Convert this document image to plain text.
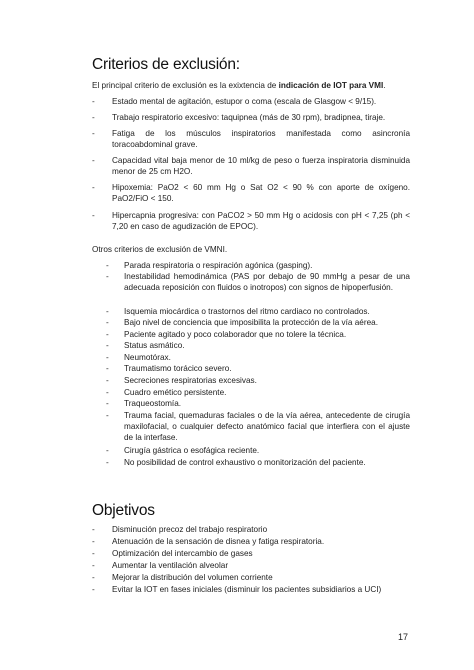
Criterios de exclusión:
El principal criterio de exclusión es la exixtencia de indicación de IOT para VMI.
- Estado mental de agitación, estupor o coma (escala de Glasgow < 9/15).
- Trabajo respiratorio excesivo: taquipnea (más de 30 rpm), bradipnea, tiraje.
- Fatiga de los músculos inspiratorios manifestada como asincronía toracoabdominal grave.
- Capacidad vital baja menor de 10 ml/kg de peso o fuerza inspiratoria disminuida menor de 25 cm H2O.
- Hipoxemia: PaO2 < 60 mm Hg o Sat O2 < 90 % con aporte de oxígeno. PaO2/FiO < 150.
- Hipercapnia progresiva: con PaCO2 > 50 mm Hg o acidosis con pH < 7,25 (ph < 7,20 en caso de agudización de EPOC).
Otros criterios de exclusión de VMNI.
- Parada respiratoria o respiración agónica (gasping).
- Inestabilidad hemodinámica (PAS por debajo de 90 mmHg a pesar de una adecuada reposición con fluidos o inotropos) con signos de hipoperfusión.
- Isquemia miocárdica o trastornos del ritmo cardiaco no controlados.
- Bajo nivel de conciencia que imposibilita la protección de la vía aérea.
- Paciente agitado y poco colaborador que no tolere la técnica.
- Status asmático.
- Neumotórax.
- Traumatismo torácico severo.
- Secreciones respiratorias excesivas.
- Cuadro emético persistente.
- Traqueostomía.
- Trauma facial, quemaduras faciales o de la vía aérea, antecedente de cirugía maxilofacial, o cualquier defecto anatómico facial que interfiera con el ajuste de la interfase.
- Cirugía gástrica o esofágica reciente.
- No posibilidad de control exhaustivo o monitorización del paciente.
Objetivos
- Disminución precoz del trabajo respiratorio
- Atenuación de la sensación de disnea y fatiga respiratoria.
- Optimización del intercambio de gases
- Aumentar la ventilación alveolar
- Mejorar la distribución del volumen corriente
- Evitar la IOT en fases iniciales (disminuir los pacientes subsidiarios a UCI)
17
